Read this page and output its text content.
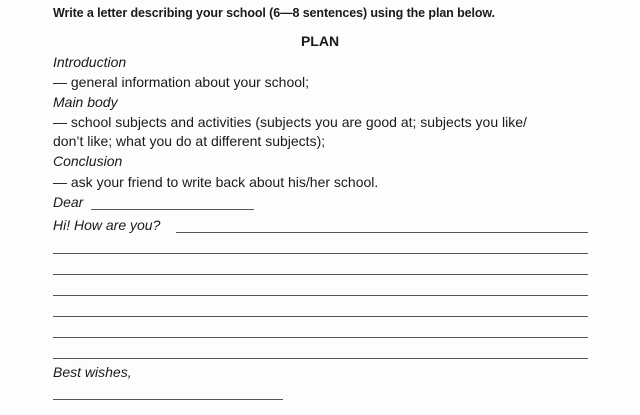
Write a letter describing your school (6—8 sentences) using the plan below.
PLAN
Introduction
— general information about your school;
Main body
— school subjects and activities (subjects you are good at; subjects you like/
don’t like; what you do at different subjects);
Conclusion
— ask your friend to write back about his/her school.
Dear
Hi! How are you?
Best wishes,
